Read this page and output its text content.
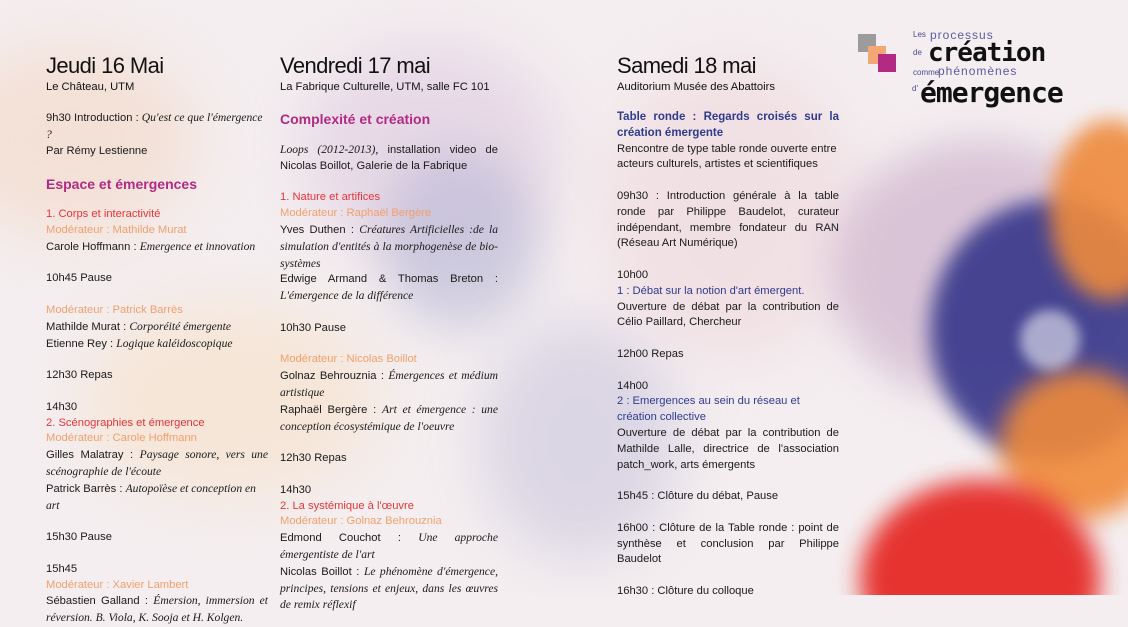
Les processus
de création
comme
phénomènes
d' émergence
Jeudi 16 Mai
Le Château, UTM

9h30 Introduction : Qu'est ce que l'émergence ?

Par Rémy Lestienne

Espace et émergences

1. Corps et interactivité

Modérateur : Mathilde Murat

Carole Hoffmann : Emergence et innovation

10h45 Pause

Modérateur : Patrick Barrès

Mathilde Murat : Corporéité émergente

Etienne Rey : Logique kaléidoscopique

12h30 Repas

14h30

2. Scénographies et émergence

Modérateur : Carole Hoffmann

Gilles Malatray : Paysage sonore, vers une scénographie de l'écoute

Patrick Barrès : Autopoïèse et conception en art

15h30 Pause

15h45

Modérateur : Xavier Lambert

Sébastien Galland : Émersion, immersion et réversion. B. Viola, K. Sooja et H. Kolgen.

Vendredi 17 mai
La Fabrique Culturelle, UTM, salle FC 101
Complexité et création

Loops (2012-2013), installation video de Nicolas Boillot, Galerie de la Fabrique

1. Nature et artifices

Modérateur : Raphaël Bergère

Yves Duthen : Créatures Artificielles :de la simulation d'entités à la morphogenèse de bio-systèmes

Edwige Armand & Thomas Breton : L'émergence de la différence

10h30 Pause

Modérateur : Nicolas Boillot

Golnaz Behrouznia : Émergences et médium artistique

Raphaël Bergère : Art et émergence : une conception écosystémique de l'oeuvre

12h30 Repas

14h30

2. La systémique à l'œuvre

Modérateur : Golnaz Behrouznia

Edmond Couchot : Une approche émergentiste de l'art

Nicolas Boillot : Le phénomène d'émergence, principes, tensions et enjeux, dans les œuvres de remix réflexif

Samedi 18 mai
Auditorium Musée des Abattoirs

Table ronde : Regards croisés sur la création émergente

Rencontre de type table ronde ouverte entre acteurs culturels, artistes et scientifiques

09h30 : Introduction générale à la table ronde par Philippe Baudelot, curateur indépendant, membre fondateur du RAN (Réseau Art Numérique)

10h00

1 : Débat sur la notion d'art émergent.

Ouverture de débat par la contribution de Célio Paillard, Chercheur

12h00 Repas

14h00

2 : Emergences au sein du réseau et création collective

Ouverture de débat par la contribution de Mathilde Lalle, directrice de l'association patch_work, arts émergents

15h45 : Clôture du débat, Pause

16h00 : Clôture de la Table ronde : point de synthèse et conclusion par Philippe Baudelot

16h30 : Clôture du colloque
